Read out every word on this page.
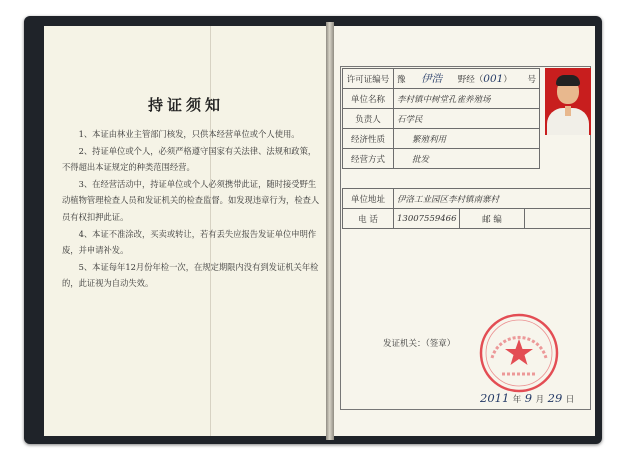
持证须知

1、本证由林业主管部门核发，只供本经营单位或个人使用。

2、持证单位或个人，必须严格遵守国家有关法律、法规和政策，不得超出本证规定的种类范围经营。

3、在经营活动中，持证单位或个人必须携带此证，随时接受野生动植物管理检查人员和发证机关的检查监督。如发现违章行为，检查人员有权扣押此证。

4、本证不准涂改，买卖或转让，若有丢失应报告发证单位申明作废，并申请补发。

5、本证每年12月份年检一次，在规定期限内没有到发证机关年检的，此证视为自动失效。

许可证编号	豫 伊浩 野经（001） 号

单位名称	李村镇中树堂孔雀养殖场
负责人	石学民
经济性质	繁殖利用
经营方式	批发
单位地址	伊洛工业园区李村镇南寨村		
电 话	13007559466	邮 编	
发证机关：（签章）
2011 年 9 月 29 日
